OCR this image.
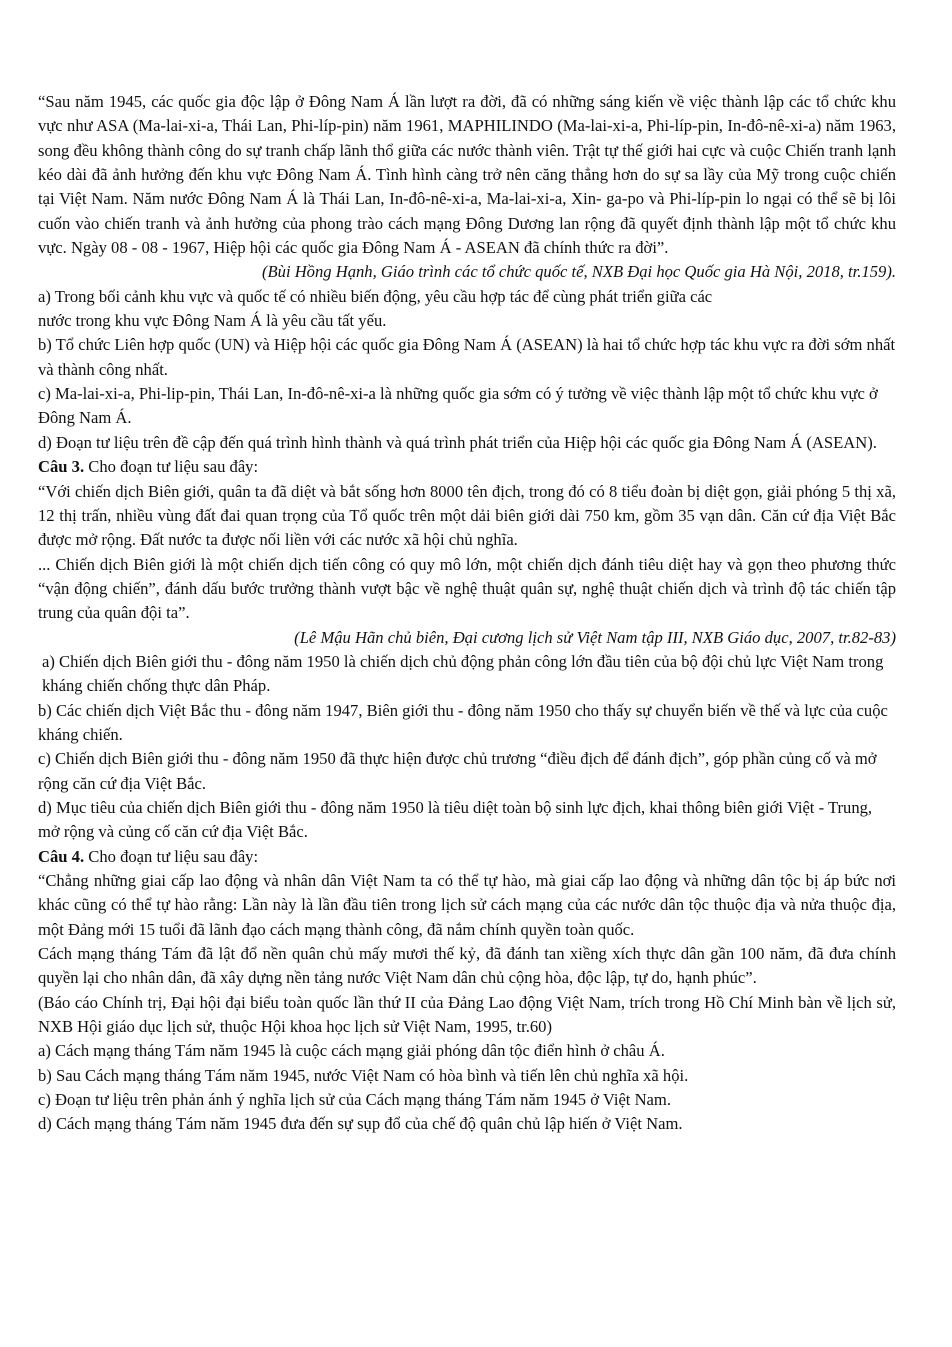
“Sau năm 1945, các quốc gia độc lập ở Đông Nam Á lần lượt ra đời, đã có những sáng kiến về việc thành lập các tổ chức khu vực như ASA (Ma-lai-xi-a, Thái Lan, Phi-líp-pin) năm 1961, MAPHILINDO (Ma-lai-xi-a, Phi-líp-pin, In-đô-nê-xi-a) năm 1963, song đều không thành công do sự tranh chấp lãnh thổ giữa các nước thành viên. Trật tự thế giới hai cực và cuộc Chiến tranh lạnh kéo dài đã ảnh hưởng đến khu vực Đông Nam Á. Tình hình càng trở nên căng thẳng hơn do sự sa lầy của Mỹ trong cuộc chiến tại Việt Nam. Năm nước Đông Nam Á là Thái Lan, In-đô-nê-xi-a, Ma-lai-xi-a, Xin- ga-po và Phi-líp-pin lo ngại có thể sẽ bị lôi cuốn vào chiến tranh và ảnh hưởng của phong trào cách mạng Đông Dương lan rộng đã quyết định thành lập một tổ chức khu vực. Ngày 08 - 08 - 1967, Hiệp hội các quốc gia Đông Nam Á - ASEAN đã chính thức ra đời”.

(Bùi Hồng Hạnh, Giáo trình các tổ chức quốc tế, NXB Đại học Quốc gia Hà Nội, 2018, tr.159).

a) Trong bối cảnh khu vực và quốc tế có nhiều biến động, yêu cầu hợp tác để cùng phát triển giữa các

nước trong khu vực Đông Nam Á là yêu cầu tất yếu.

b) Tổ chức Liên hợp quốc (UN) và Hiệp hội các quốc gia Đông Nam Á (ASEAN) là hai tổ chức hợp tác khu vực ra đời sớm nhất và thành công nhất.

c) Ma-lai-xi-a, Phi-lip-pin, Thái Lan, In-đô-nê-xi-a là những quốc gia sớm có ý tưởng về việc thành lập một tổ chức khu vực ở Đông Nam Á.

d) Đoạn tư liệu trên đề cập đến quá trình hình thành và quá trình phát triển của Hiệp hội các quốc gia Đông Nam Á (ASEAN).

Câu 3. Cho đoạn tư liệu sau đây:

“Với chiến dịch Biên giới, quân ta đã diệt và bắt sống hơn 8000 tên địch, trong đó có 8 tiểu đoàn bị diệt gọn, giải phóng 5 thị xã, 12 thị trấn, nhiều vùng đất đai quan trọng của Tổ quốc trên một dải biên giới dài 750 km, gồm 35 vạn dân. Căn cứ địa Việt Bắc được mở rộng. Đất nước ta được nối liền với các nước xã hội chủ nghĩa.

... Chiến dịch Biên giới là một chiến dịch tiến công có quy mô lớn, một chiến dịch đánh tiêu diệt hay và gọn theo phương thức “vận động chiến”, đánh dấu bước trưởng thành vượt bậc về nghệ thuật quân sự, nghệ thuật chiến dịch và trình độ tác chiến tập trung của quân đội ta”.

(Lê Mậu Hãn chủ biên, Đại cương lịch sử Việt Nam tập III, NXB Giáo dục, 2007, tr.82-83)

a) Chiến dịch Biên giới thu - đông năm 1950 là chiến dịch chủ động phản công lớn đầu tiên của bộ đội chủ lực Việt Nam trong kháng chiến chống thực dân Pháp.

b) Các chiến dịch Việt Bắc thu - đông năm 1947, Biên giới thu - đông năm 1950 cho thấy sự chuyển biến về thế và lực của cuộc kháng chiến.

c) Chiến dịch Biên giới thu - đông năm 1950 đã thực hiện được chủ trương “điều địch để đánh địch”, góp phần củng cố và mở rộng căn cứ địa Việt Bắc.

d) Mục tiêu của chiến dịch Biên giới thu - đông năm 1950 là tiêu diệt toàn bộ sinh lực địch, khai thông biên giới Việt - Trung, mở rộng và củng cố căn cứ địa Việt Bắc.

Câu 4. Cho đoạn tư liệu sau đây:

“Chẳng những giai cấp lao động và nhân dân Việt Nam ta có thể tự hào, mà giai cấp lao động và những dân tộc bị áp bức nơi khác cũng có thể tự hào rằng: Lần này là lần đầu tiên trong lịch sử cách mạng của các nước dân tộc thuộc địa và nửa thuộc địa, một Đảng mới 15 tuổi đã lãnh đạo cách mạng thành công, đã nắm chính quyền toàn quốc.

Cách mạng tháng Tám đã lật đổ nền quân chủ mấy mươi thế kỷ, đã đánh tan xiềng xích thực dân gần 100 năm, đã đưa chính quyền lại cho nhân dân, đã xây dựng nền tảng nước Việt Nam dân chủ cộng hòa, độc lập, tự do, hạnh phúc”.

(Báo cáo Chính trị, Đại hội đại biểu toàn quốc lần thứ II của Đảng Lao động Việt Nam, trích trong Hồ Chí Minh bàn về lịch sử, NXB Hội giáo dục lịch sử, thuộc Hội khoa học lịch sử Việt Nam, 1995, tr.60)

a) Cách mạng tháng Tám năm 1945 là cuộc cách mạng giải phóng dân tộc điển hình ở châu Á.

b) Sau Cách mạng tháng Tám năm 1945, nước Việt Nam có hòa bình và tiến lên chủ nghĩa xã hội.

c) Đoạn tư liệu trên phản ánh ý nghĩa lịch sử của Cách mạng tháng Tám năm 1945 ở Việt Nam.

d) Cách mạng tháng Tám năm 1945 đưa đến sự sụp đổ của chế độ quân chủ lập hiến ở Việt Nam.
